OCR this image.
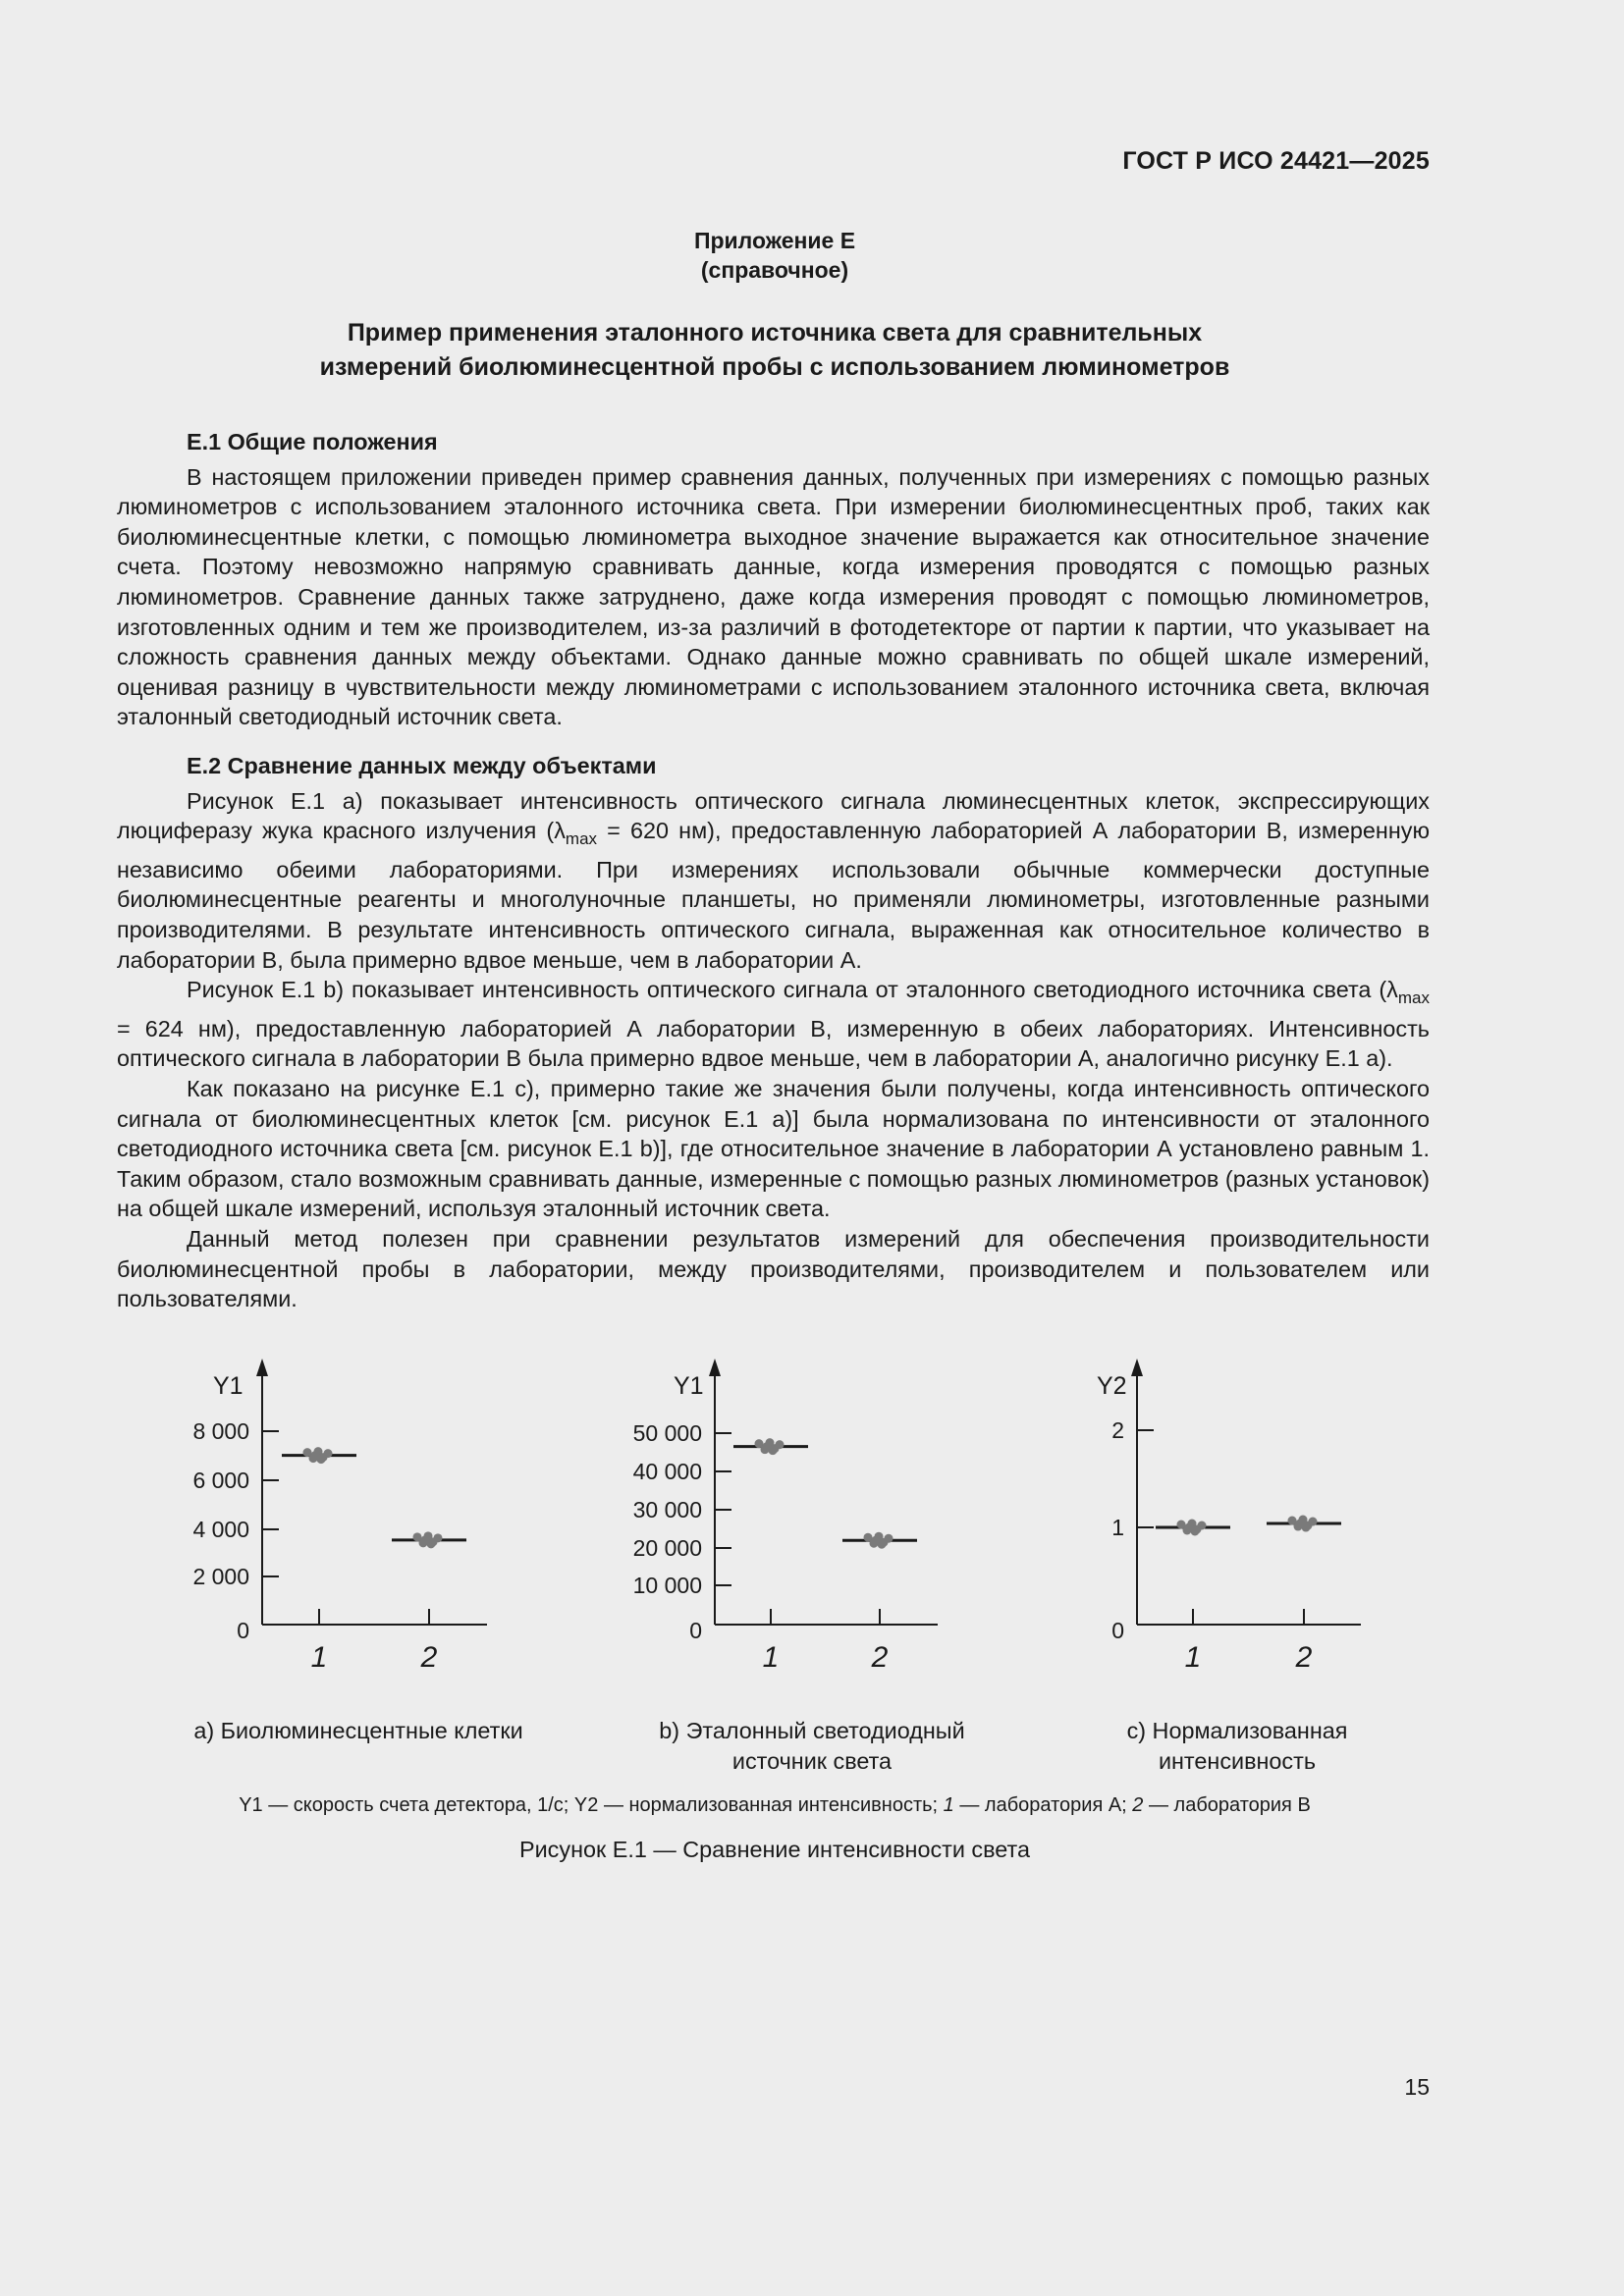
ГОСТ Р ИСО 24421—2025
Приложение Е
(справочное)
Пример применения эталонного источника света для сравнительных
измерений биолюминесцентной пробы с использованием люминометров
Е.1 Общие положения

В настоящем приложении приведен пример сравнения данных, полученных при измерениях с помощью разных люминометров с использованием эталонного источника света. При измерении биолюминесцентных проб, таких как биолюминесцентные клетки, с помощью люминометра выходное значение выражается как относительное значение счета. Поэтому невозможно напрямую сравнивать данные, когда измерения проводятся с помощью разных люминометров. Сравнение данных также затруднено, даже когда измерения проводят с помощью люминометров, изготовленных одним и тем же производителем, из-за различий в фотодетекторе от партии к партии, что указывает на сложность сравнения данных между объектами. Однако данные можно сравнивать по общей шкале измерений, оценивая разницу в чувствительности между люминометрами с использованием эталонного источника света, включая эталонный светодиодный источник света.

Е.2 Сравнение данных между объектами

Рисунок Е.1 a) показывает интенсивность оптического сигнала люминесцентных клеток, экспрессирующих люциферазу жука красного излучения ($\lambda_{max} = 620$ нм), предоставленную лабораторией А лаборатории В, измеренную независимо обеими лабораториями. При измерениях использовали обычные коммерчески доступные биолюминесцентные реагенты и многолуночные планшеты, но применяли люминометры, изготовленные разными производителями. В результате интенсивность оптического сигнала, выраженная как относительное количество в лаборатории В, была примерно вдвое меньше, чем в лаборатории А.

Рисунок Е.1 b) показывает интенсивность оптического сигнала от эталонного светодиодного источника света ($\lambda_{max} = 624$ нм), предоставленную лабораторией А лаборатории В, измеренную в обеих лабораториях. Интенсивность оптического сигнала в лаборатории В была примерно вдвое меньше, чем в лаборатории А, аналогично рисунку Е.1 a).

Как показано на рисунке Е.1 c), примерно такие же значения были получены, когда интенсивность оптического сигнала от биолюминесцентных клеток [см. рисунок Е.1 a)] была нормализована по интенсивности от эталонного светодиодного источника света [см. рисунок Е.1 b)], где относительное значение в лаборатории А установлено равным 1. Таким образом, стало возможным сравнивать данные, измеренные с помощью разных люминометров (разных установок) на общей шкале измерений, используя эталонный источник света.

Данный метод полезен при сравнении результатов измерений для обеспечения производительности биолюминесцентной пробы в лаборатории, между производителями, производителем и пользователем или пользователями.

Y1
0
2 000
4 000
6 000
8 000
1	2
Y1
0
10 000
20 000
30 000
40 000
50 000
1	2
Y2
0
1
2
1	2
a) Биолюминесцентные клетки	b) Эталонный светодиодный источник света
c) Нормализованная интенсивность
Y1 — скорость счета детектора, 1/с; Y2 — нормализованная интенсивность; 1 — лаборатория А; 2 — лаборатория В
Рисунок Е.1 — Сравнение интенсивности света
15
